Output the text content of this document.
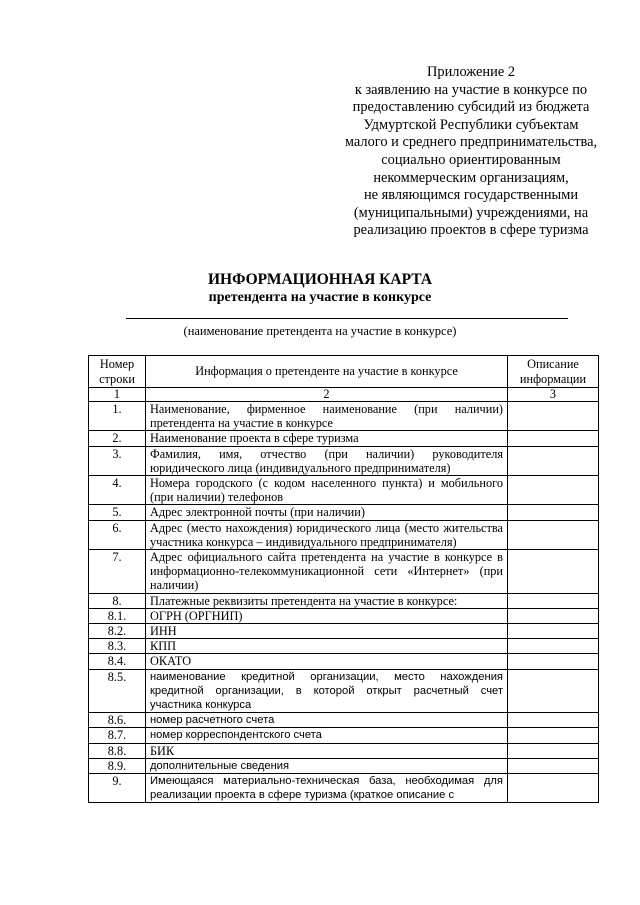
Приложение 2
к заявлению на участие в конкурсе по
предоставлению субсидий из бюджета
Удмуртской Республики субъектам
малого и среднего предпринимательства,
социально ориентированным
некоммерческим организациям,
не являющимся государственными
(муниципальными) учреждениями, на
реализацию проектов в сфере туризма
ИНФОРМАЦИОННАЯ КАРТА
претендента на участие в конкурсе
(наименование претендента на участие в конкурсе)
Номер строки	Информация о претенденте на участие в конкурсе	Описание информации
1	2	3
1.	Наименование, фирменное наименование (при наличии) претендента на участие в конкурсе	
2.	Наименование проекта в сфере туризма	
3.	Фамилия, имя, отчество (при наличии) руководителя юридического лица (индивидуального предпринимателя)	
4.	Номера городского (с кодом населенного пункта) и мобильного (при наличии) телефонов	
5.	Адрес электронной почты (при наличии)	
6.	Адрес (место нахождения) юридического лица (место жительства участника конкурса – индивидуального предпринимателя)	
7.	Адрес официального сайта претендента на участие в конкурсе в информационно-телекоммуникационной сети «Интернет» (при наличии)	
8.	Платежные реквизиты претендента на участие в конкурсе:	
8.1.	ОГРН (ОРГНИП)	
8.2.	ИНН	
8.3.	КПП	
8.4.	ОКАТО	
8.5.	наименование кредитной организации, место нахождения кредитной организации, в которой открыт расчетный счет участника конкурса	
8.6.	номер расчетного счета	
8.7.	номер корреспондентского счета	
8.8.	БИК	
8.9.	дополнительные сведения	
9.	Имеющаяся материально-техническая база, необходимая для реализации проекта в сфере туризма (краткое описание с	
